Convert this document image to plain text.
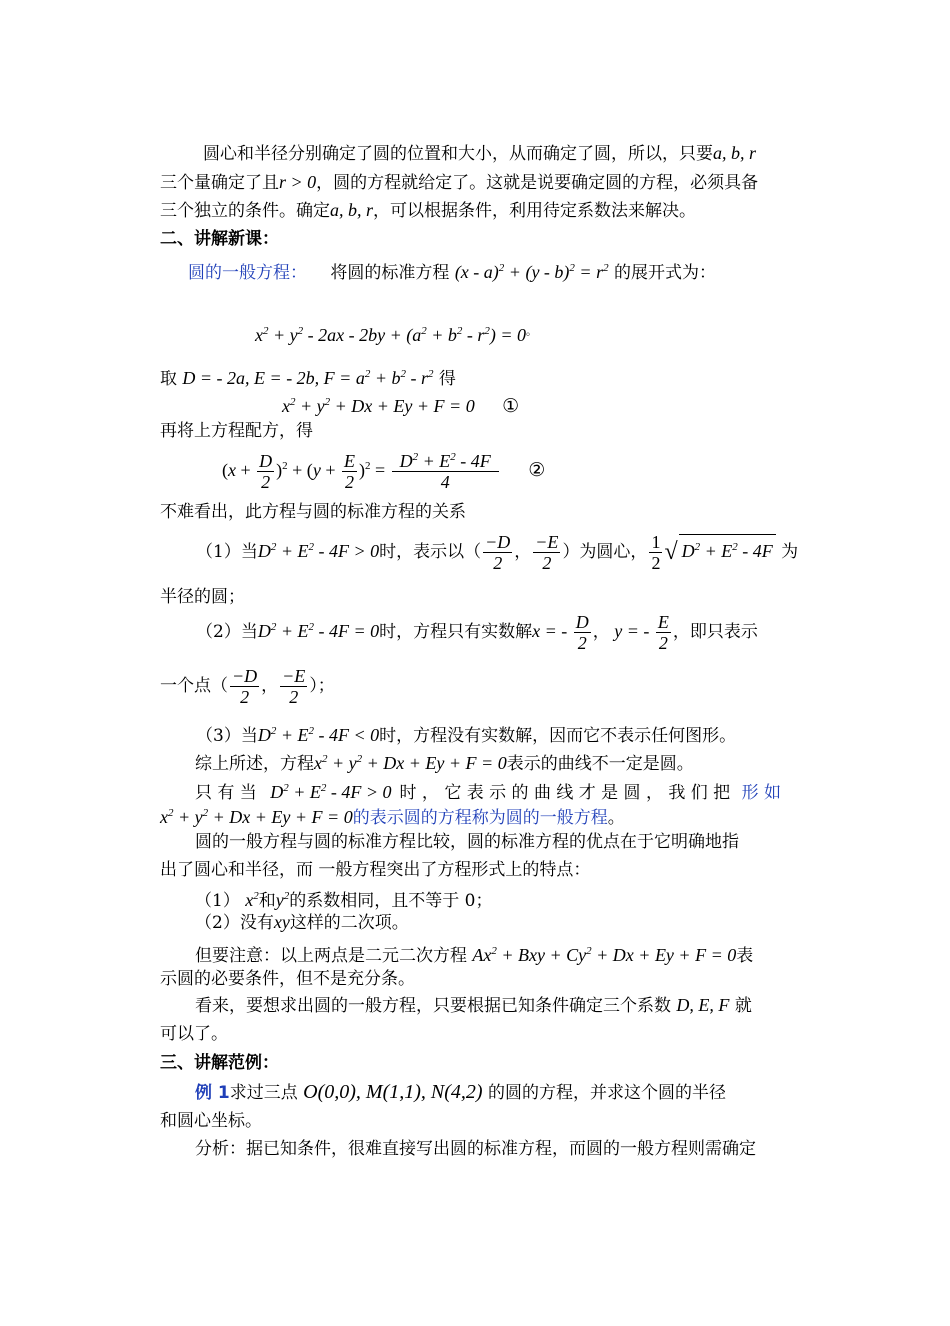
圆心和半径分别确定了圆的位置和大小，从而确定了圆，所以，只要a, b, r
三个量确定了且r > 0，圆的方程就给定了。这就是说要确定圆的方程，必须具备
三个独立的条件。确定a, b, r，可以根据条件，利用待定系数法来解决。
二、讲解新课：
圆的一般方程： 将圆的标准方程 $(x - a)^2 + (y - b)^2 = r^2$ 的展开式为：
$x^2 + y^2 - 2ax - 2by + (a^2 + b^2 - r^2) = 0^。$
取 D = - 2a, E = - 2b, $F = a^2 + b^2 - r^2$ 得
$x^2 + y^2 + Dx + Ey + F = 0$ ①
再将上方程配方，得
$(x + \frac{D}{2} )^2 + (y + \frac{E}{2} )^2 = \frac{D^2 + E^2 - 4F}{4}$ ②
不难看出，此方程与圆的标准方程的关系
（1）当$D^2 + E^2 - 4F > 0$时，表示以（ $\frac{-D}{2}$ ， $\frac{-E}{2}$ ）为圆心， $\frac{1}{2}$ √ $D^2 + E^2 - 4F$ 为
半径的圆；
（2）当$D^2 + E^2 - 4F = 0$时，方程只有实数解x = - $\frac{D}{2}$ ， y = - $\frac{E}{2}$ ，即只表示
一个点（ $\frac{-D}{2}$ ， $\frac{-E}{2}$ ）；
（3）当$D^2 + E^2 - 4F < 0$时，方程没有实数解，因而它不表示任何图形。
综上所述，方程$x^2 + y^2 + Dx + Ey + F = 0$表示的曲线不一定是圆。
只 有 当 $D^2 + E^2 - 4F > 0$ 时 ， 它 表 示 的 曲 线 才 是 圆 ， 我 们 把 形 如
$x^2 + y^2 + Dx + Ey + F = 0$的表示圆的方程称为圆的一般方程。
圆的一般方程与圆的标准方程比较，圆的标准方程的优点在于它明确地指
出了圆心和半径，而 一般方程突出了方程形式上的特点：
（1） $x^2$和$y^2$的系数相同，且不等于 0；
（2）没有xy这样的二次项。
但要注意：以上两点是二元二次方程 $Ax^2$ + Bxy + $Cy^2 + Dx + Ey + F = 0$表
示圆的必要条件，但不是充分条。
看来，要想求出圆的一般方程，只要根据已知条件确定三个系数 D, E, F 就
可以了。
三、讲解范例：
例 1求过三点 O(0,0), M(1,1), N(4,2) 的圆的方程，并求这个圆的半径
和圆心坐标。
分析：据已知条件，很难直接写出圆的标准方程，而圆的一般方程则需确定
